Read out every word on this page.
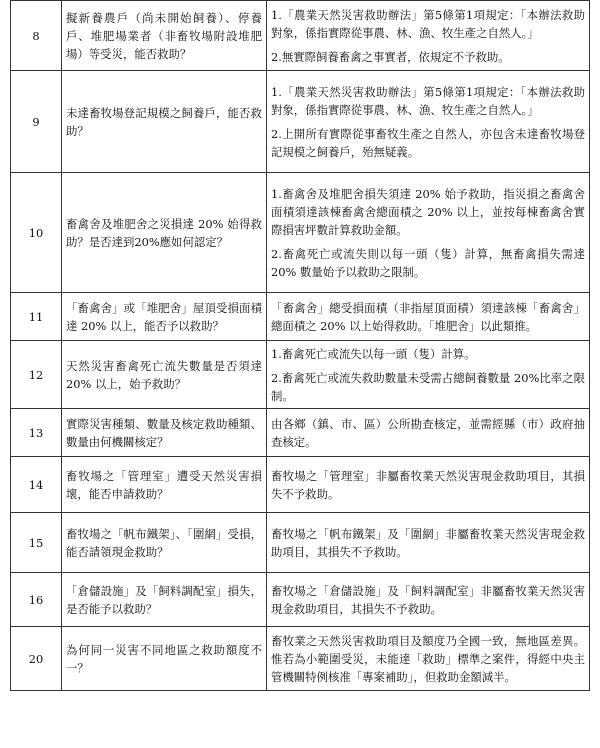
8	擬新養農戶（尚未開始飼養）、停養戶、堆肥場業者（非畜牧場附設堆肥場）等受災，能否救助？	1.「農業天然災害救助辦法」第5條第1項規定：「本辦法救助對象，係指實際從事農、林、漁、牧生產之自然人。」

2.無實際飼養畜禽之事實者，依規定不予救助。

9	未達畜牧場登記規模之飼養戶，能否救助？	1.「農業天然災害救助辦法」第5條第1項規定：「本辦法救助對象，係指實際從事農、林、漁、牧生產之自然人。」

2.上開所有實際從事畜牧生產之自然人，亦包含未達畜牧場登記規模之飼養戶，殆無疑義。

10	畜禽舍及堆肥舍之災損達 20% 始得救助？是否達到20%應如何認定？	1.畜禽舍及堆肥舍損失須達 20% 始予救助，指災損之畜禽舍面積須達該棟畜禽舍總面積之 20% 以上，並按每棟畜禽舍實際損害坪數計算救助金額。

2.畜禽死亡或流失則以每一頭（隻）計算，無畜禽損失需達 20% 數量始予以救助之限制。

11	「畜禽舍」或「堆肥舍」屋頂受損面積達 20% 以上，能否予以救助？	「畜禽舍」總受損面積（非指屋頂面積）須達該棟「畜禽舍」總面積之 20% 以上始得救助。「堆肥舍」以此類推。

12	天然災害畜禽死亡流失數量是否須達 20% 以上，始予救助？	1.畜禽死亡或流失以每一頭（隻）計算。

2.畜禽死亡或流失救助數量未受需占總飼養數量 20%比率之限制。

13	實際災害種類、數量及核定救助種類、數量由何機關核定？	由各鄉（鎮、市、區）公所勘查核定，並需經縣（市）政府抽查核定。

14	畜牧場之「管理室」遭受天然災害損壞，能否申請救助？	畜牧場之「管理室」非屬畜牧業天然災害現金救助項目，其損失不予救助。

15	畜牧場之「帆布鐵架」、「圍網」受損，能否請領現金救助？	畜牧場之「帆布鐵架」及「圍網」非屬畜牧業天然災害現金救助項目，其損失不予救助。

16	「倉儲設施」及「飼料調配室」損失，是否能予以救助？	畜牧場之「倉儲設施」及「飼料調配室」非屬畜牧業天然災害現金救助項目，其損失不予救助。

20	為何同一災害不同地區之救助額度不一？	畜牧業之天然災害救助項目及額度乃全國一致，無地區差異。惟若為小範圍受災，未能達「救助」標準之案件，得經中央主管機關特例核准「專案補助」，但救助金額減半。
